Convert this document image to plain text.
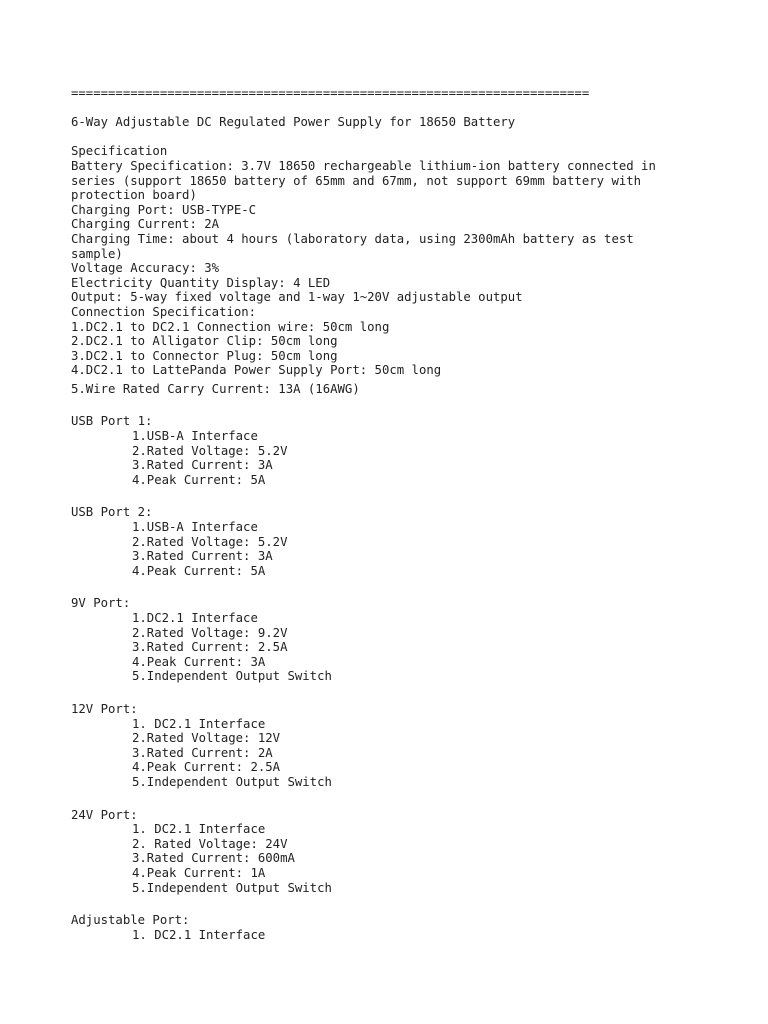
======================================================================
6-Way Adjustable DC Regulated Power Supply for 18650 Battery
Specification
Battery Specification: 3.7V 18650 rechargeable lithium-ion battery connected in
series (support 18650 battery of 65mm and 67mm, not support 69mm battery with
protection board)
Charging Port: USB-TYPE-C
Charging Current: 2A
Charging Time: about 4 hours (laboratory data, using 2300mAh battery as test
sample)
Voltage Accuracy: 3%
Electricity Quantity Display: 4 LED
Output: 5-way fixed voltage and 1-way 1~20V adjustable output
Connection Specification:
1.DC2.1 to DC2.1 Connection wire: 50cm long
2.DC2.1 to Alligator Clip: 50cm long
3.DC2.1 to Connector Plug: 50cm long
4.DC2.1 to LattePanda Power Supply Port: 50cm long
5.Wire Rated Carry Current: 13A (16AWG)
USB Port 1:
1.USB-A Interface
2.Rated Voltage: 5.2V
3.Rated Current: 3A
4.Peak Current: 5A
USB Port 2:
1.USB-A Interface
2.Rated Voltage: 5.2V
3.Rated Current: 3A
4.Peak Current: 5A
9V Port:
1.DC2.1 Interface
2.Rated Voltage: 9.2V
3.Rated Current: 2.5A
4.Peak Current: 3A
5.Independent Output Switch
12V Port:
1. DC2.1 Interface
2.Rated Voltage: 12V
3.Rated Current: 2A
4.Peak Current: 2.5A
5.Independent Output Switch
24V Port:
1. DC2.1 Interface
2. Rated Voltage: 24V
3.Rated Current: 600mA
4.Peak Current: 1A
5.Independent Output Switch
Adjustable Port:
1. DC2.1 Interface
